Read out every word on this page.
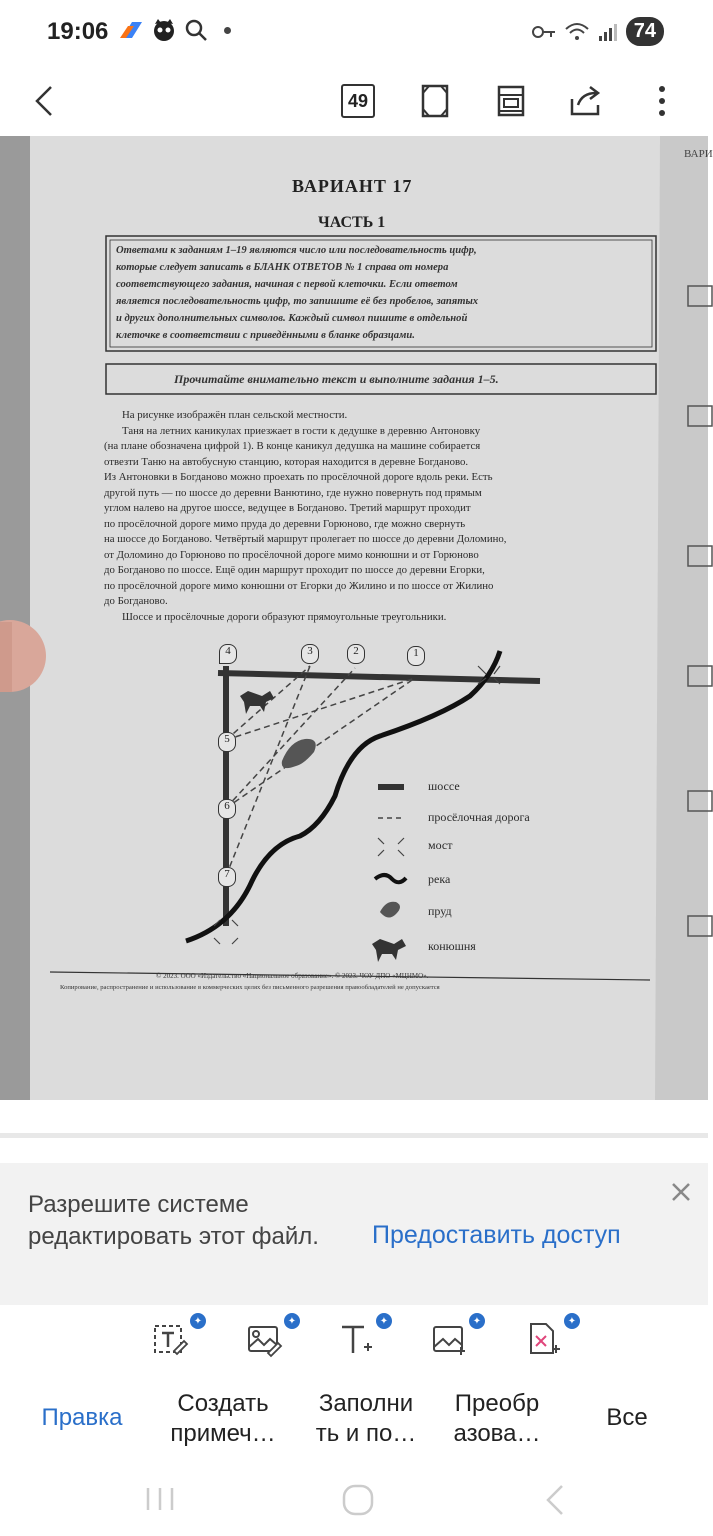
19:06	74
49
ВАРИ
ВАРИАНТ 17
ЧАСТЬ 1
Ответами к заданиям 1–19 являются число или последовательность цифр,
которые следует записать в БЛАНК ОТВЕТОВ № 1 справа от номера
соответствующего задания, начиная с первой клеточки. Если ответом
является последовательность цифр, то запишите её без пробелов, запятых
и других дополнительных символов. Каждый символ пишите в отдельной
клеточке в соответствии с приведёнными в бланке образцами.
Прочитайте внимательно текст и выполните задания 1–5.
На рисунке изображён план сельской местности.
Таня на летних каникулах приезжает в гости к дедушке в деревню Антоновку
(на плане обозначена цифрой 1). В конце каникул дедушка на машине собирается
отвезти Таню на автобусную станцию, которая находится в деревне Богданово.
Из Антоновки в Богданово можно проехать по просёлочной дороге вдоль реки. Есть
другой путь — по шоссе до деревни Ванютино, где нужно повернуть под прямым
углом налево на другое шоссе, ведущее в Богданово. Третий маршрут проходит
по просёлочной дороге мимо пруда до деревни Горюново, где можно свернуть
на шоссе до Богданово. Четвёртый маршрут пролегает по шоссе до деревни Доломино,
от Доломино до Горюново по просёлочной дороге мимо конюшни и от Горюново
до Богданово по шоссе. Ещё один маршрут проходит по шоссе до деревни Егорки,
по просёлочной дороге мимо конюшни от Егорки до Жилино и по шоссе от Жилино
до Богданово.
Шоссе и просёлочные дороги образуют прямоугольные треугольники.
4	3	2	1
5
6
7
шоссе
просёлочная дорога
мост
река
пруд
конюшня
© 2023. ООО «Издательство «Национальное образование». © 2023. ЧОУ ДПО «МЦНМО».
Копирование, распространение и использование в коммерческих целях без письменного разрешения правообладателей не допускается
Разрешите системе редактировать этот файл.	Предоставить доступ
✦	✦	✦	✦	✦
Правка
Создать примеч…
Заполни ть и по…
Преобр азова…
Все
